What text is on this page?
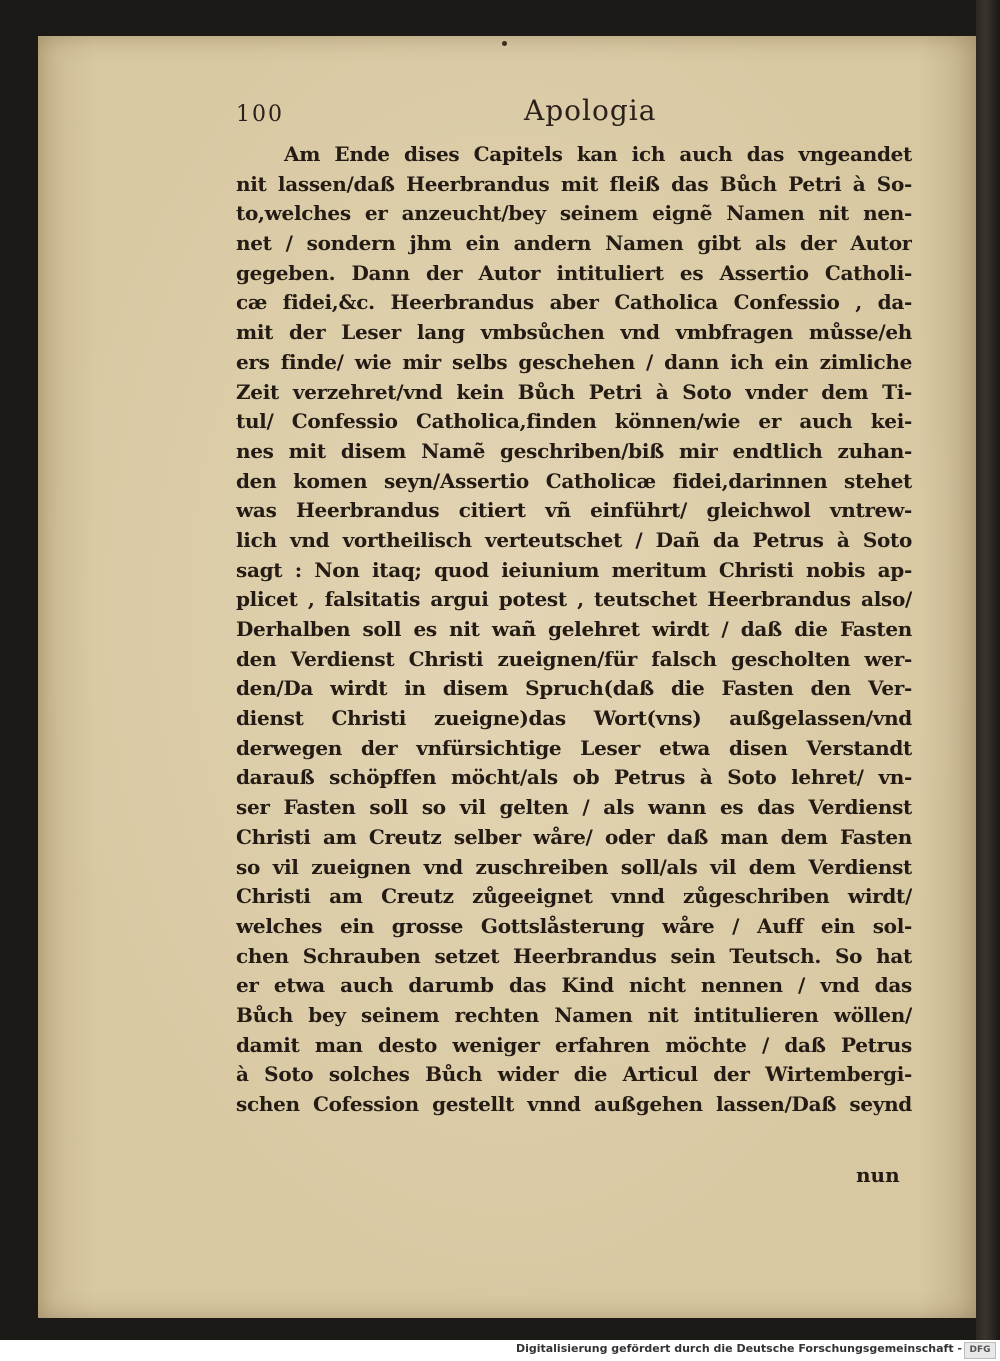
100	Apologia
Am Ende dises Capitels kan ich auch das vngeandet
nit lassen/daß Heerbrandus mit fleiß das Bůch Petri à So-
to,welches er anzeucht/bey seinem eignẽ Namen nit nen-
net / sondern jhm ein andern Namen gibt als der Autor
gegeben. Dann der Autor intituliert es Assertio Catholi-
cæ fidei,&c. Heerbrandus aber Catholica Confessio , da-
mit der Leser lang vmbsůchen vnd vmbfragen můsse/eh
ers finde/ wie mir selbs geschehen / dann ich ein zimliche
Zeit verzehret/vnd kein Bůch Petri à Soto vnder dem Ti-
tul/ Confessio Catholica,finden können/wie er auch kei-
nes mit disem Namẽ geschriben/biß mir endtlich zuhan-
den komen seyn/Assertio Catholicæ fidei,darinnen stehet
was Heerbrandus citiert vñ einführt/ gleichwol vntrew-
lich vnd vortheilisch verteutschet / Dañ da Petrus à Soto
sagt : Non itaq; quod ieiunium meritum Christi nobis ap-
plicet , falsitatis argui potest , teutschet Heerbrandus also/
Derhalben soll es nit wañ gelehret wirdt / daß die Fasten
den Verdienst Christi zueignen/für falsch gescholten wer-
den/Da wirdt in disem Spruch(daß die Fasten den Ver-
dienst Christi zueigne)das Wort(vns) außgelassen/vnd
derwegen der vnfürsichtige Leser etwa disen Verstandt
darauß schöpffen möcht/als ob Petrus à Soto lehret/ vn-
ser Fasten soll so vil gelten / als wann es das Verdienst
Christi am Creutz selber wåre/ oder daß man dem Fasten
so vil zueignen vnd zuschreiben soll/als vil dem Verdienst
Christi am Creutz zůgeeignet vnnd zůgeschriben wirdt/
welches ein grosse Gottslåsterung wåre / Auff ein sol-
chen Schrauben setzet Heerbrandus sein Teutsch. So hat
er etwa auch darumb das Kind nicht nennen / vnd das
Bůch bey seinem rechten Namen nit intitulieren wöllen/
damit man desto weniger erfahren möchte / daß Petrus
à Soto solches Bůch wider die Articul der Wirtembergi-
schen Cofession gestellt vnnd außgehen lassen/Daß seynd
nun
Digitalisierung gefördert durch die Deutsche Forschungsgemeinschaft - DFG
